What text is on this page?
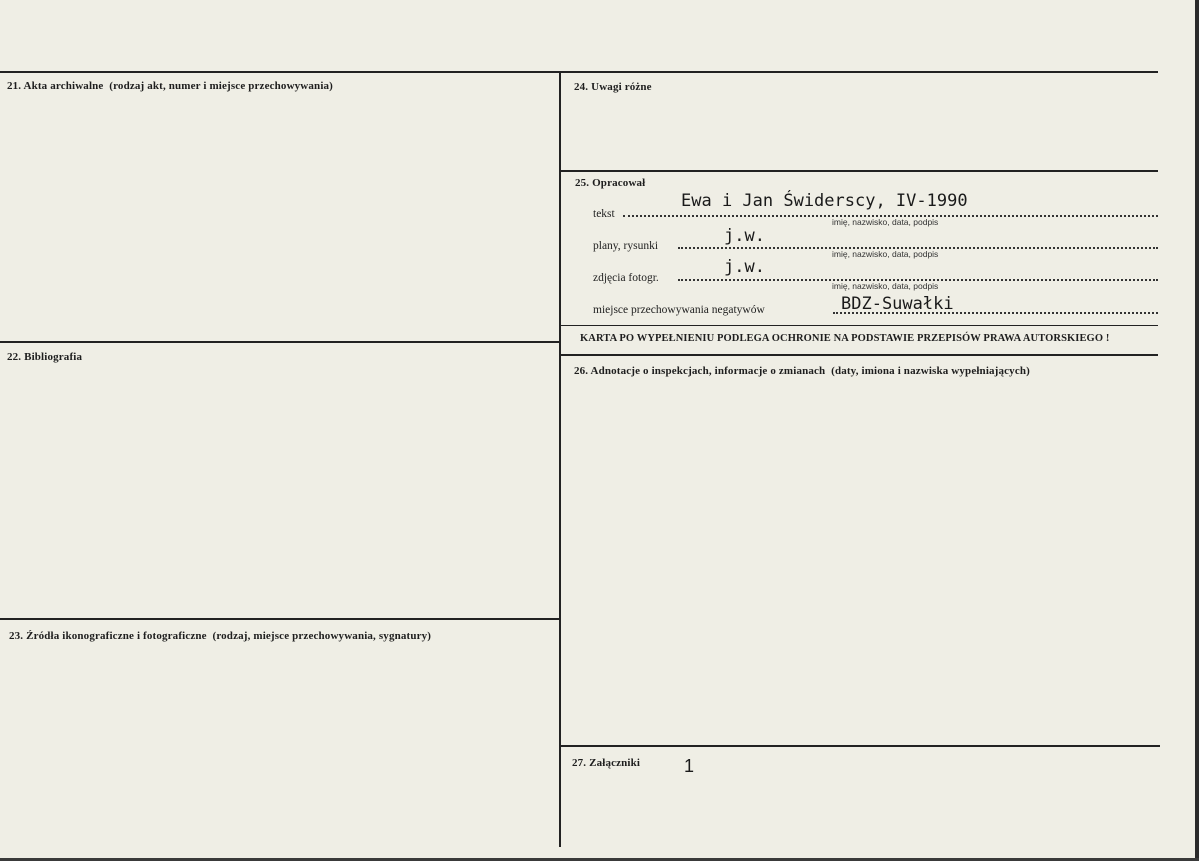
21. Akta archiwalne (rodzaj akt, numer i miejsce przechowywania)
22. Bibliografia
23. Źródła ikonograficzne i fotograficzne (rodzaj, miejsce przechowywania, sygnatury)
24. Uwagi różne
25. Opracował
Ewa i Jan Świderscy, IV-1990
tekst
imię, nazwisko, data, podpis
j.w.
plany, rysunki
imię, nazwisko, data, podpis
j.w.
zdjęcia fotogr.
imię, nazwisko, data, podpis
BDZ-Suwałki
miejsce przechowywania negatywów
KARTA PO WYPEŁNIENIU PODLEGA OCHRONIE NA PODSTAWIE PRZEPISÓW PRAWA AUTORSKIEGO !
26. Adnotacje o inspekcjach, informacje o zmianach (daty, imiona i nazwiska wypełniających)
27. Załączniki 1
